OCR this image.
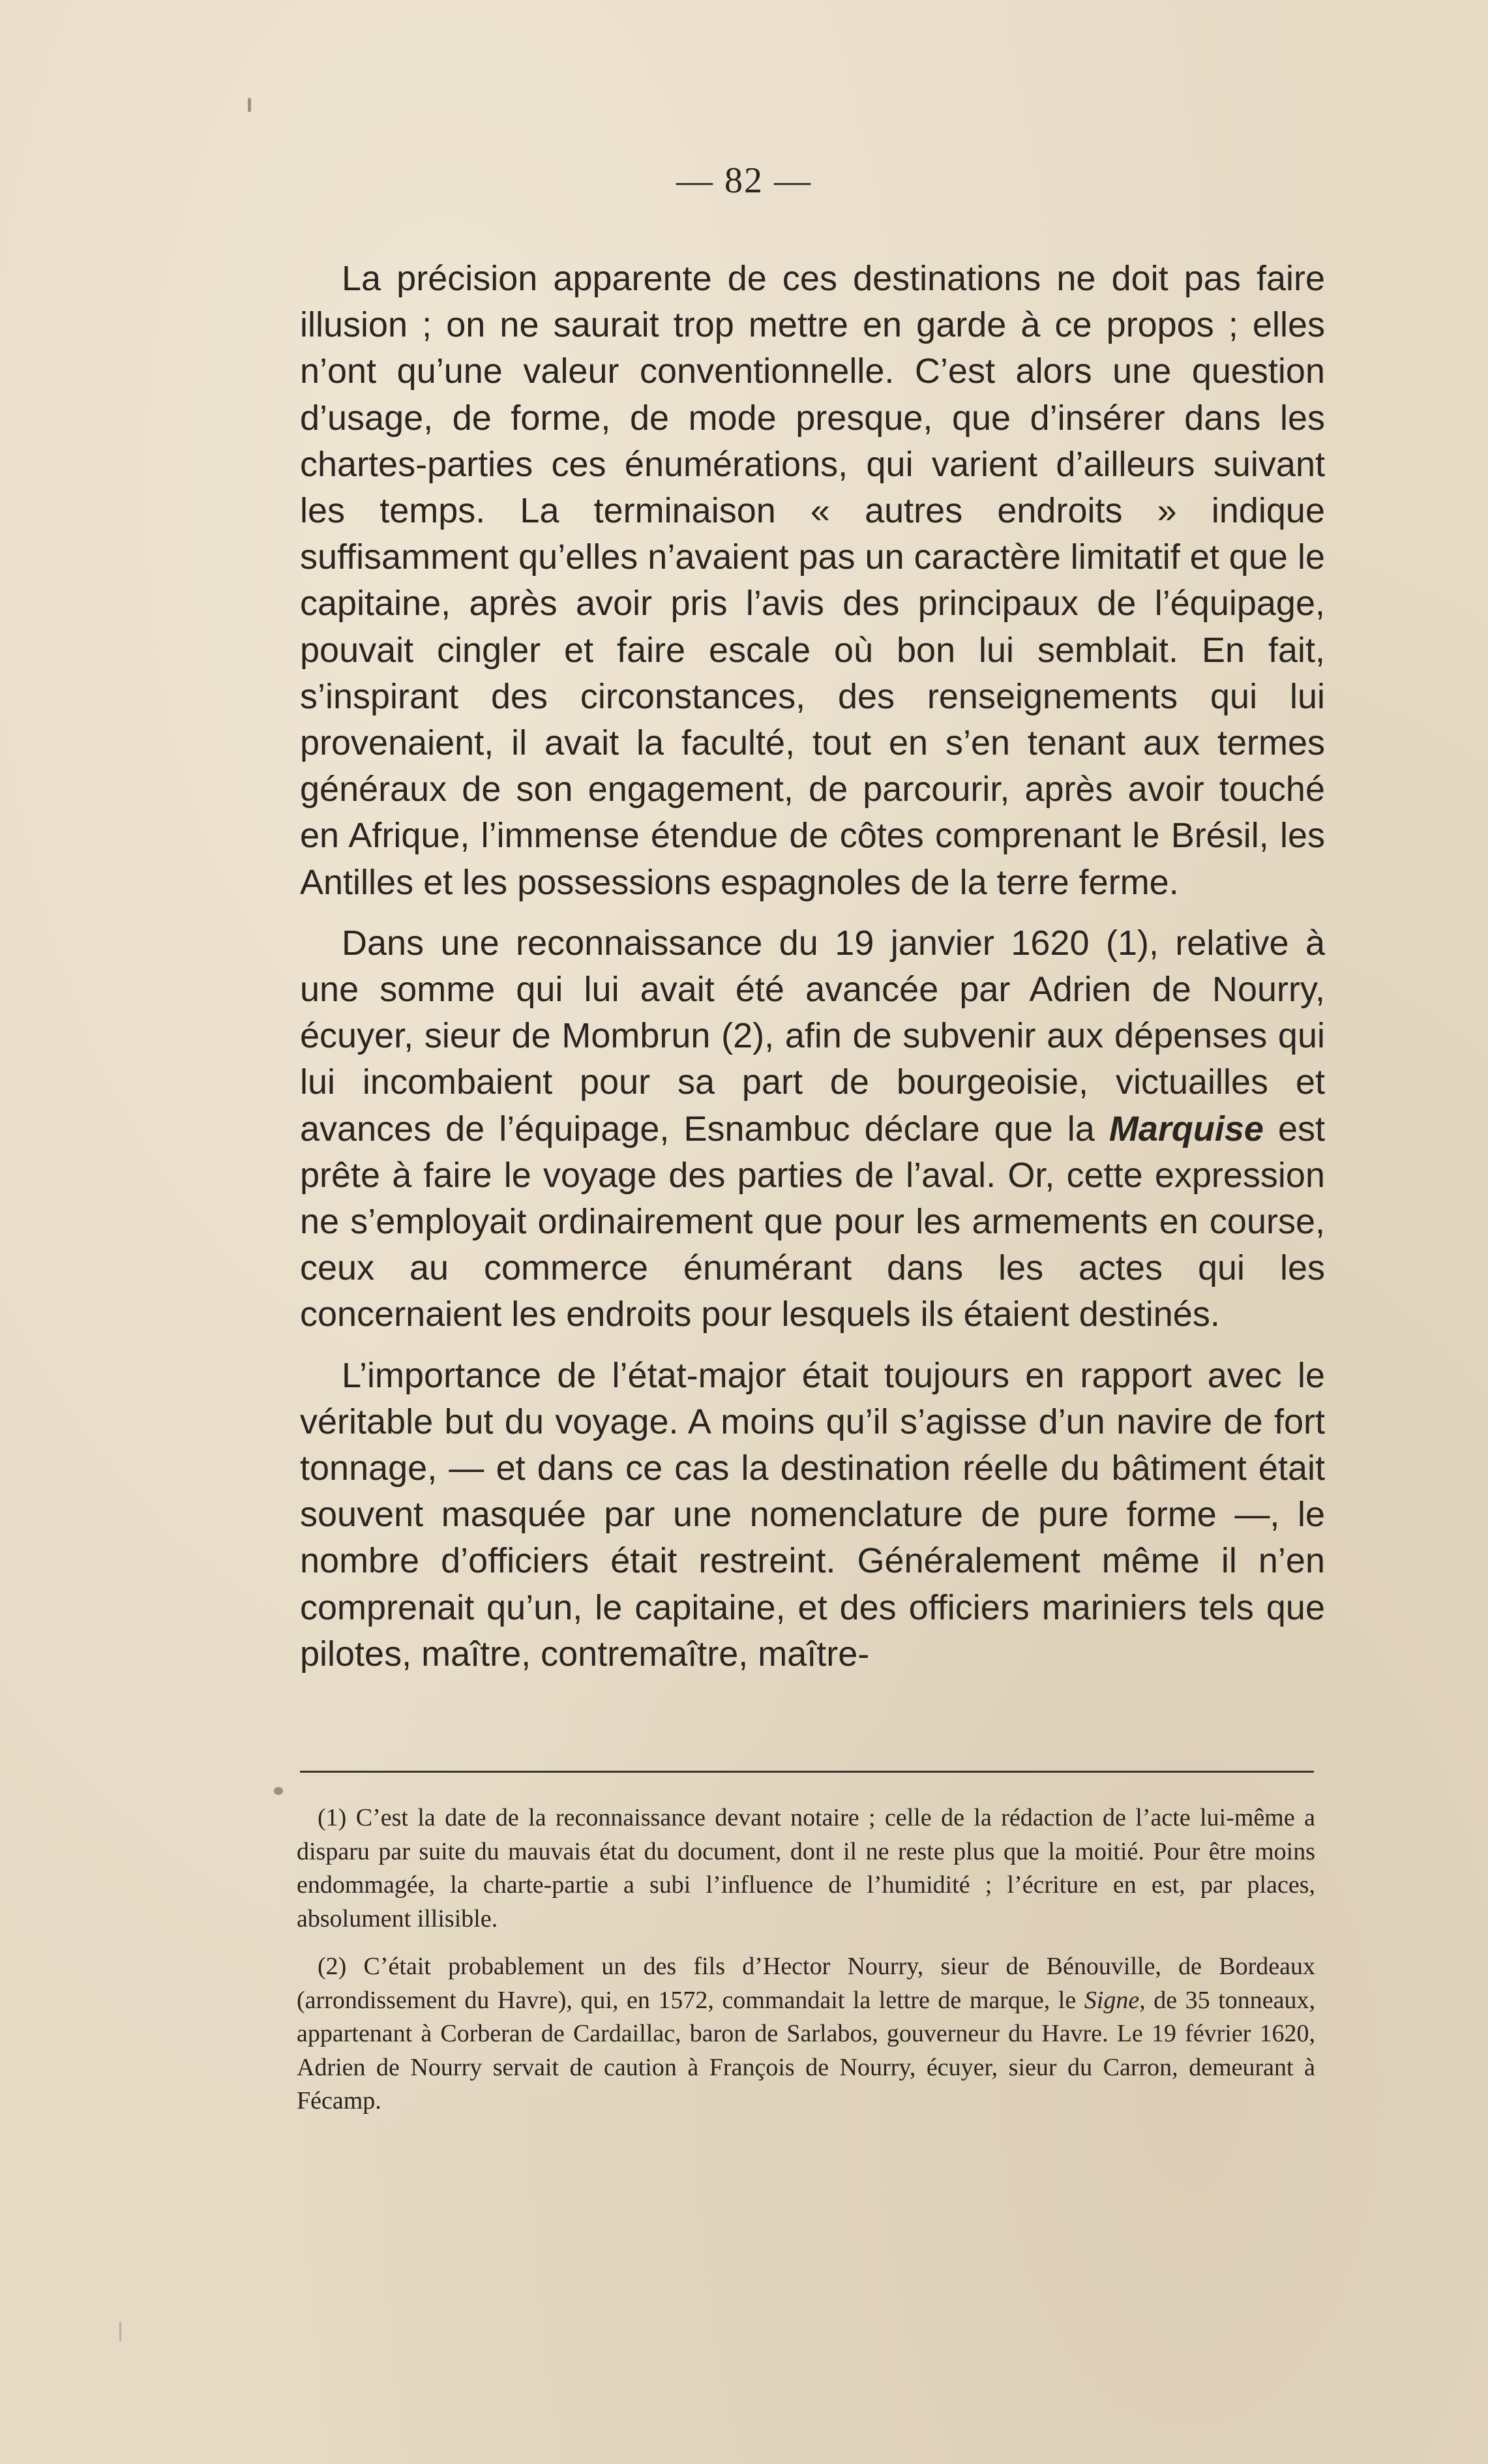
— 82 —

La précision apparente de ces destinations ne doit pas faire illusion ; on ne saurait trop mettre en garde à ce propos ; elles n’ont qu’une valeur conventionnelle. C’est alors une question d’usage, de forme, de mode presque, que d’insérer dans les chartes-parties ces énumérations, qui varient d’ailleurs suivant les temps. La terminaison « autres endroits » indique suffisamment qu’elles n’avaient pas un caractère limitatif et que le capitaine, après avoir pris l’avis des principaux de l’équipage, pouvait cingler et faire escale où bon lui semblait. En fait, s’inspirant des circonstances, des renseignements qui lui provenaient, il avait la faculté, tout en s’en tenant aux termes généraux de son engagement, de parcourir, après avoir touché en Afrique, l’immense étendue de côtes comprenant le Brésil, les Antilles et les possessions espagnoles de la terre ferme.

Dans une reconnaissance du 19 janvier 1620 (1), relative à une somme qui lui avait été avancée par Adrien de Nourry, écuyer, sieur de Mombrun (2), afin de subvenir aux dépenses qui lui incombaient pour sa part de bourgeoisie, victuailles et avances de l’équipage, Esnambuc déclare que la Marquise est prête à faire le voyage des parties de l’aval. Or, cette expression ne s’employait ordinairement que pour les armements en course, ceux au commerce énumérant dans les actes qui les concernaient les endroits pour lesquels ils étaient destinés.

L’importance de l’état-major était toujours en rapport avec le véritable but du voyage. A moins qu’il s’agisse d’un navire de fort tonnage, — et dans ce cas la destination réelle du bâtiment était souvent masquée par une nomenclature de pure forme —, le nombre d’officiers était restreint. Généralement même il n’en comprenait qu’un, le capitaine, et des officiers mariniers tels que pilotes, maître, contremaître, maître-

(1) C’est la date de la reconnaissance devant notaire ; celle de la rédaction de l’acte lui-même a disparu par suite du mauvais état du document, dont il ne reste plus que la moitié. Pour être moins endommagée, la charte-partie a subi l’influence de l’humidité ; l’écriture en est, par places, absolument illisible.

(2) C’était probablement un des fils d’Hector Nourry, sieur de Bénouville, de Bordeaux (arrondissement du Havre), qui, en 1572, commandait la lettre de marque, le Signe, de 35 tonneaux, appartenant à Corberan de Cardaillac, baron de Sarlabos, gouverneur du Havre. Le 19 février 1620, Adrien de Nourry servait de caution à François de Nourry, écuyer, sieur du Carron, demeurant à Fécamp.
